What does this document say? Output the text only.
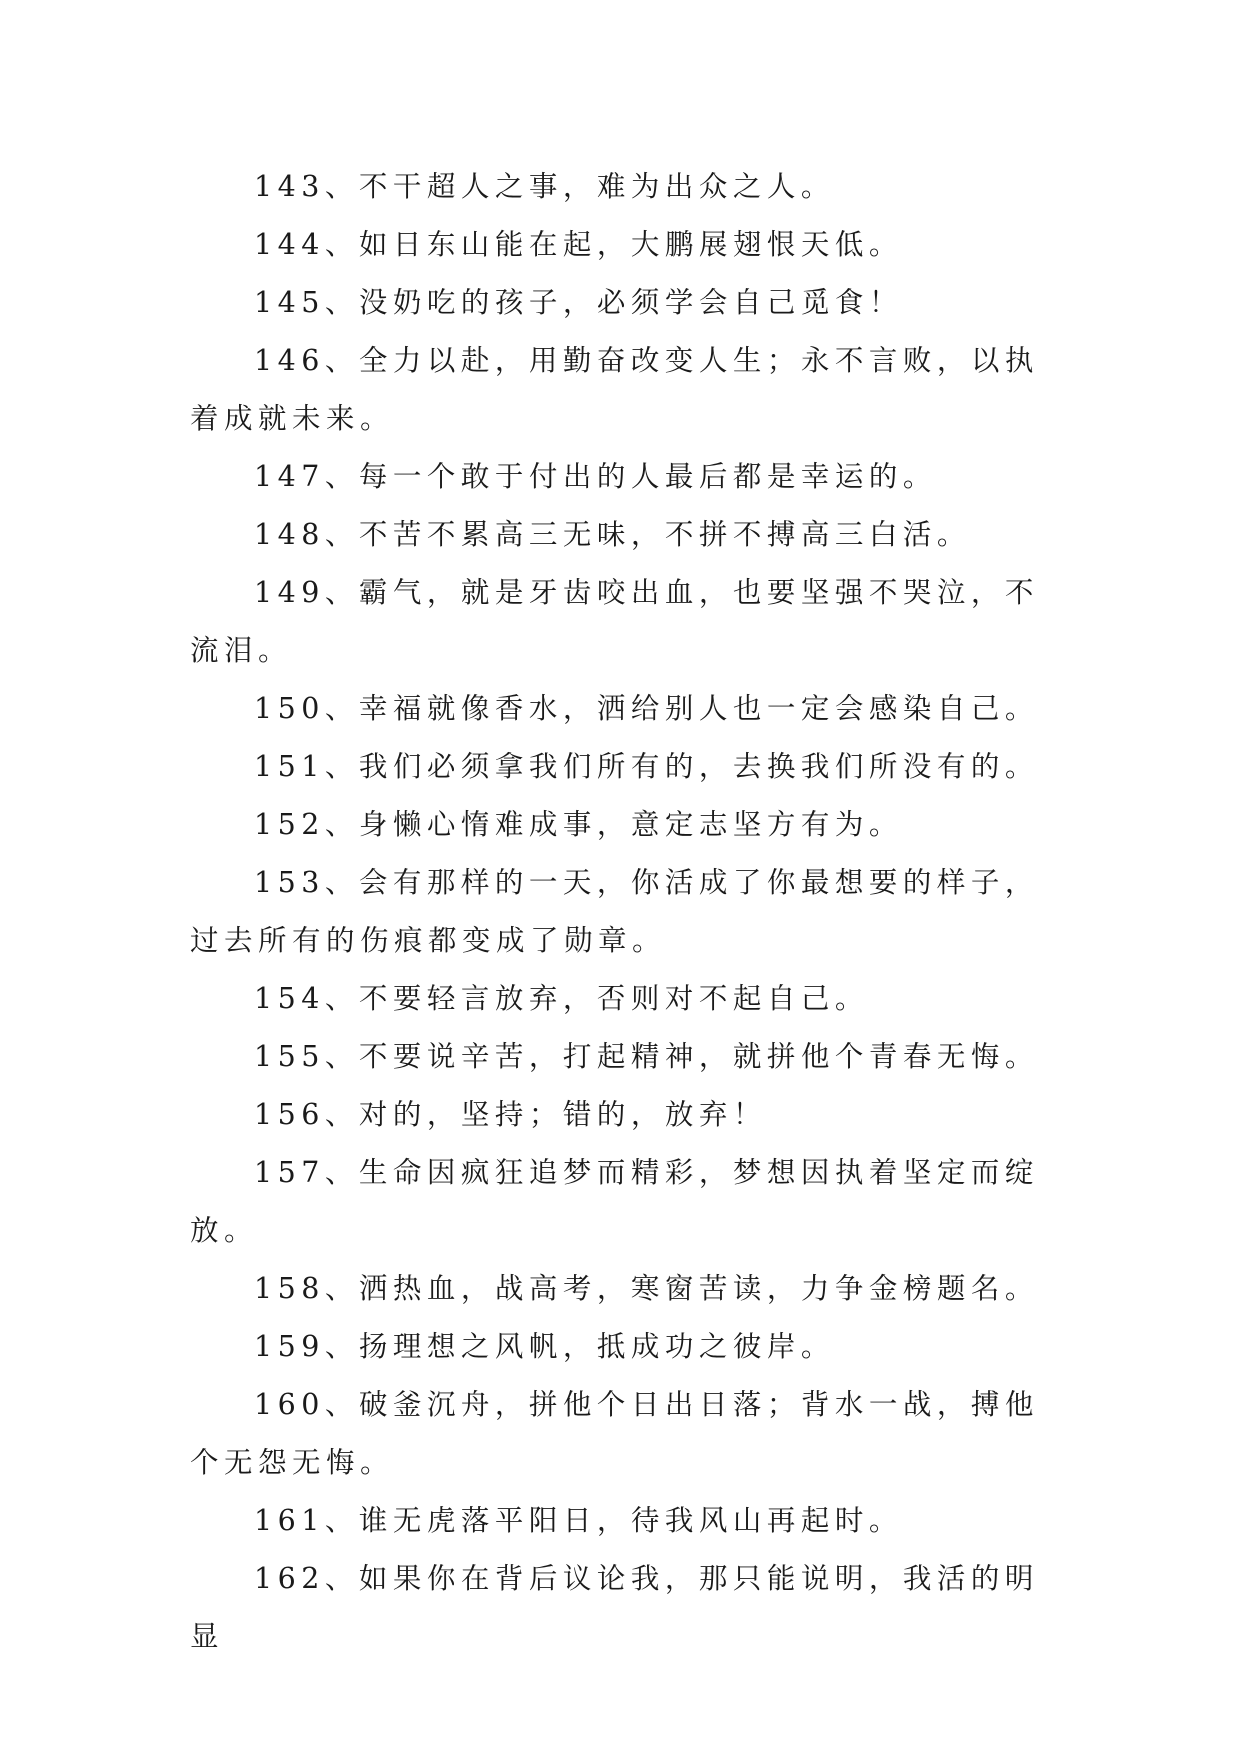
143、不干超人之事，难为出众之人。

144、如日东山能在起，大鹏展翅恨天低。

145、没奶吃的孩子，必须学会自己觅食！

146、全力以赴，用勤奋改变人生；永不言败，以执着成就未来。

147、每一个敢于付出的人最后都是幸运的。

148、不苦不累高三无味，不拼不搏高三白活。

149、霸气，就是牙齿咬出血，也要坚强不哭泣，不流泪。

150、幸福就像香水，洒给别人也一定会感染自己。

151、我们必须拿我们所有的，去换我们所没有的。

152、身懒心惰难成事，意定志坚方有为。

153、会有那样的一天，你活成了你最想要的样子，过去所有的伤痕都变成了勋章。

154、不要轻言放弃，否则对不起自己。

155、不要说辛苦，打起精神，就拼他个青春无悔。

156、对的，坚持；错的，放弃！

157、生命因疯狂追梦而精彩，梦想因执着坚定而绽放。

158、洒热血，战高考，寒窗苦读，力争金榜题名。

159、扬理想之风帆，抵成功之彼岸。

160、破釜沉舟，拼他个日出日落；背水一战，搏他个无怨无悔。

161、谁无虎落平阳日，待我风山再起时。

162、如果你在背后议论我，那只能说明，我活的明显
